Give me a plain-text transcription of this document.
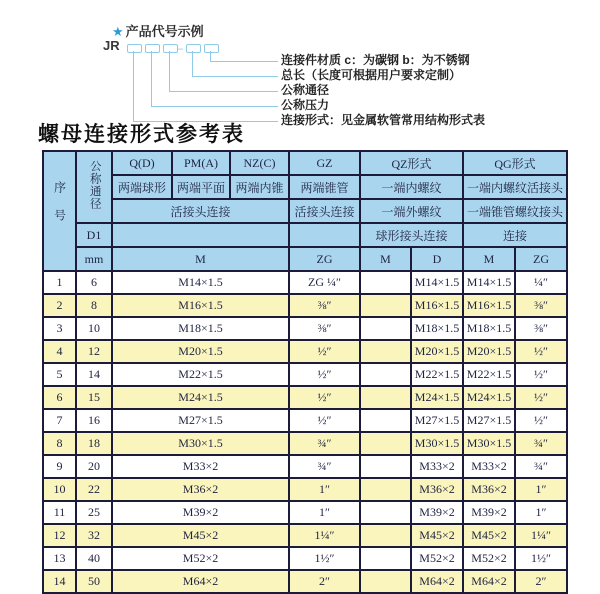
★ 产品代号示例
JR	–
连接件材质 c：为碳钢 b：为不锈钢
总长（长度可根据用户要求定制）
公称通径
公称压力
连接形式：见金属软管常用结构形式表
螺母连接形式参考表
序号	公称通径	Q(D)	PM(A)	NZ(C)	GZ	QZ形式		QG形式	
		两端球形	两端平面	两端内锥	两端锥管	一端内螺纹		一端内螺纹活接头	
		活接头连接			活接头连接	一端外螺纹		一端锥管螺纹接头	
	D1					球形接头连接		连接	
	mm	M			ZG	M	D	M	ZG
1	6	M14×1.5			ZG ¼″		M14×1.5	M14×1.5	¼″
2	8	M16×1.5			⅜″		M16×1.5	M16×1.5	⅜″
3	10	M18×1.5			⅜″		M18×1.5	M18×1.5	⅜″
4	12	M20×1.5			½″		M20×1.5	M20×1.5	½″
5	14	M22×1.5			½″		M22×1.5	M22×1.5	½″
6	15	M24×1.5			½″		M24×1.5	M24×1.5	½″
7	16	M27×1.5			½″		M27×1.5	M27×1.5	½″
8	18	M30×1.5			¾″		M30×1.5	M30×1.5	¾″
9	20	M33×2			¾″		M33×2	M33×2	¾″
10	22	M36×2			1″		M36×2	M36×2	1″
11	25	M39×2			1″		M39×2	M39×2	1″
12	32	M45×2			1¼″		M45×2	M45×2	1¼″
13	40	M52×2			1½″		M52×2	M52×2	1½″
14	50	M64×2			2″		M64×2	M64×2	2″
